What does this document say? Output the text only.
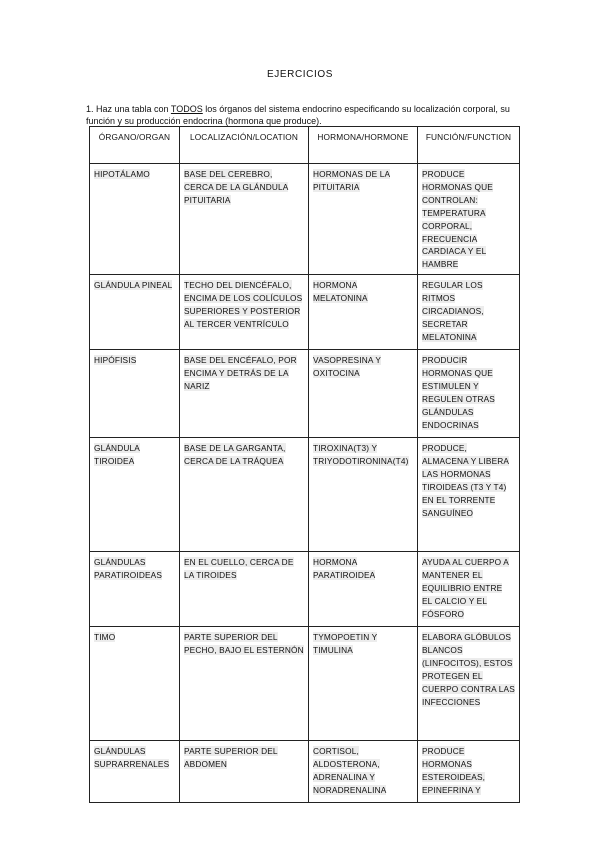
EJERCICIOS
1. Haz una tabla con TODOS los órganos del sistema endocrino especificando su localización corporal, su función y su producción endocrina (hormona que produce).
ÓRGANO/ORGAN	LOCALIZACIÓN/LOCATION	HORMONA/HORMONE	FUNCIÓN/FUNCTION
HIPOTÁLAMO	BASE DEL CEREBRO, CERCA DE LA GLÁNDULA PITUITARIA	HORMONAS DE LA PITUITARIA	PRODUCE HORMONAS QUE CONTROLAN: TEMPERATURA CORPORAL, FRECUENCIA CARDIACA Y EL HAMBRE
GLÁNDULA PINEAL	TECHO DEL DIENCÉFALO, ENCIMA DE LOS COLÍCULOS SUPERIORES Y POSTERIOR AL TERCER VENTRÍCULO	HORMONA MELATONINA	REGULAR LOS RITMOS CIRCADIANOS, SECRETAR MELATONINA
HIPÓFISIS	BASE DEL ENCÉFALO, POR ENCIMA Y DETRÁS DE LA NARIZ	VASOPRESINA Y OXITOCINA	PRODUCIR HORMONAS QUE ESTIMULEN Y REGULEN OTRAS GLÁNDULAS ENDOCRINAS
GLÁNDULA TIROIDEA	BASE DE LA GARGANTA, CERCA DE LA TRÁQUEA	TIROXINA(T3) Y TRIYODOTIRONINA(T4)	PRODUCE, ALMACENA Y LIBERA LAS HORMONAS TIROIDEAS (T3 Y T4) EN EL TORRENTE SANGUÍNEO
GLÁNDULAS PARATIROIDEAS	EN EL CUELLO, CERCA DE LA TIROIDES	HORMONA PARATIROIDEA	AYUDA AL CUERPO A MANTENER EL EQUILIBRIO ENTRE EL CALCIO Y EL FÓSFORO
TIMO	PARTE SUPERIOR DEL PECHO, BAJO EL ESTERNÓN	TYMOPOETIN Y TIMULINA	ELABORA GLÓBULOS BLANCOS (LINFOCITOS), ESTOS PROTEGEN EL CUERPO CONTRA LAS INFECCIONES
GLÁNDULAS SUPRARRENALES	PARTE SUPERIOR DEL ABDOMEN	CORTISOL, ALDOSTERONA, ADRENALINA Y NORADRENALINA	PRODUCE HORMONAS ESTEROIDEAS, EPINEFRINA Y
